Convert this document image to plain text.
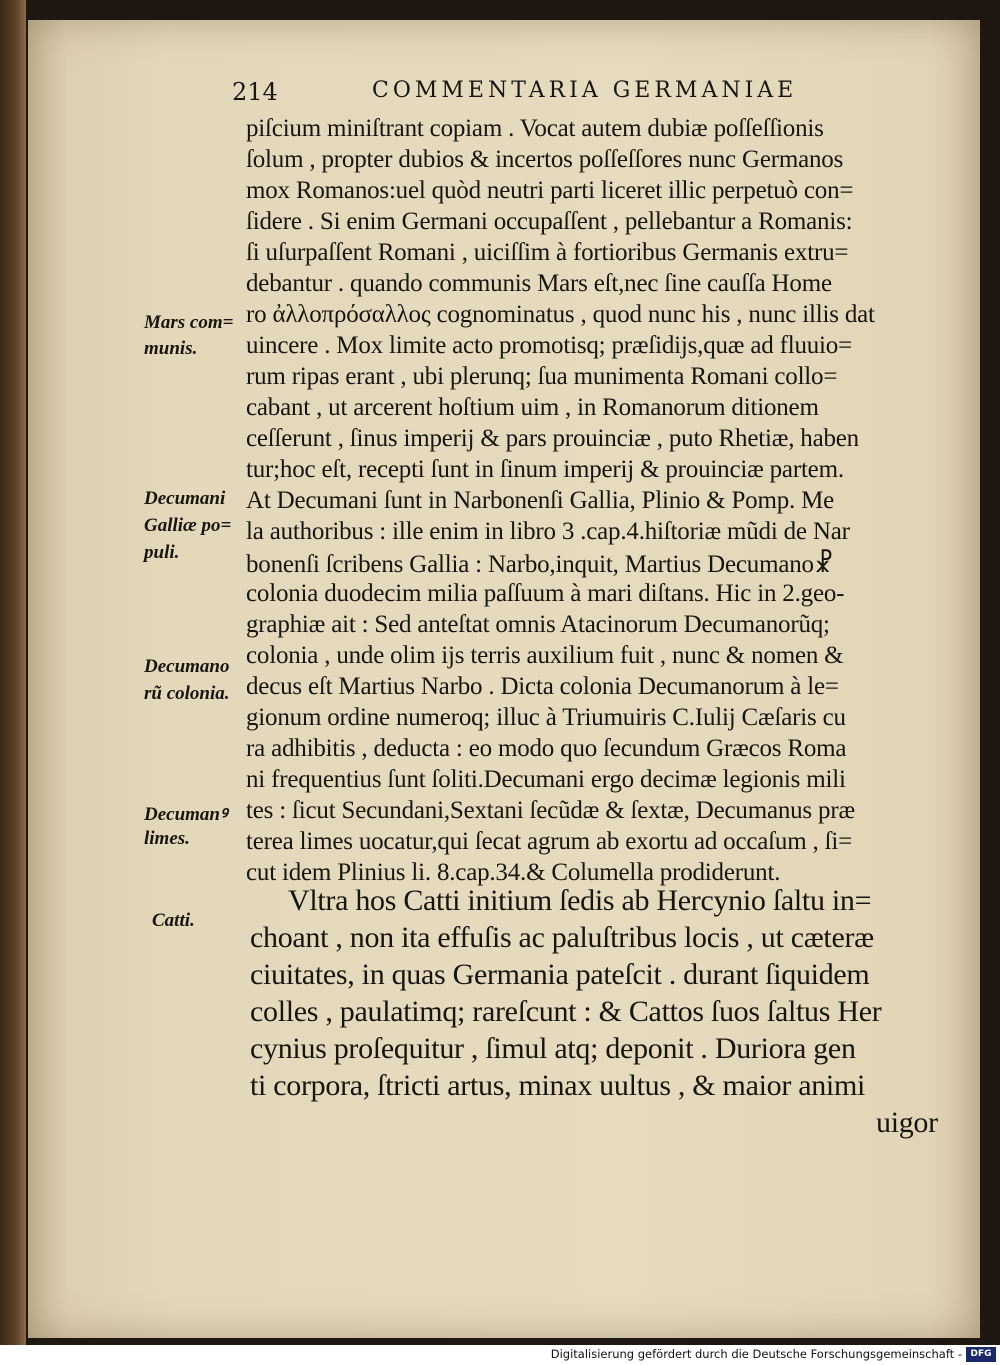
214	COMMENTARIA GERMANIAE
piſcium miniſtrant copiam . Vocat autem dubiæ poſſeſſionis
ſolum , propter dubios & incertos poſſeſſores nunc Germanos
mox Romanos:uel quòd neutri parti liceret illic perpetuò con=
ſidere . Si enim Germani occupaſſent , pellebantur a Romanis:
ſi uſurpaſſent Romani , uiciſſim à fortioribus Germanis extru=
debantur . quando communis Mars eſt,nec ſine cauſſa Home
ro ἀλλοπρόσαλλος cognominatus , quod nunc his , nunc illis dat
uincere . Mox limite acto promotisq; præſidijs,quæ ad fluuio=
rum ripas erant , ubi plerunq; ſua munimenta Romani collo=
cabant , ut arcerent hoſtium uim , in Romanorum ditionem
ceſſerunt , ſinus imperij & pars prouinciæ , puto Rhetiæ, haben
tur;hoc eſt, recepti ſunt in ſinum imperij & prouinciæ partem.
At Decumani ſunt in Narbonenſi Gallia, Plinio & Pomp. Me
la authoribus : ille enim in libro 3 .cap.4.hiſtoriæ mũdi de Nar
bonenſi ſcribens Gallia : Narbo,inquit, Martius Decumano☧
colonia duodecim milia paſſuum à mari diſtans. Hic in 2.geo-
graphiæ ait : Sed anteſtat omnis Atacinorum Decumanorũq;
colonia , unde olim ijs terris auxilium fuit , nunc & nomen &
decus eſt Martius Narbo . Dicta colonia Decumanorum à le=
gionum ordine numeroq; illuc à Triumuiris C.Iulij Cæſaris cu
ra adhibitis , deducta : eo modo quo ſecundum Græcos Roma
ni frequentius ſunt ſoliti.Decumani ergo decimæ legionis mili
tes : ſicut Secundani,Sextani ſecũdæ & ſextæ, Decumanus præ
terea limes uocatur,qui ſecat agrum ab exortu ad occaſum , ſi=
cut idem Plinius li. 8.cap.34.& Columella prodiderunt.
Vltra hos Catti initium ſedis ab Hercynio ſaltu in=
choant , non ita effuſis ac paluſtribus locis , ut cæteræ
ciuitates, in quas Germania pateſcit . durant ſiquidem
colles , paulatimq; rareſcunt : & Cattos ſuos ſaltus Her
cynius proſequitur , ſimul atq; deponit . Duriora gen
ti corpora, ſtricti artus, minax uultus , & maior animi
uigor
Mars com=
munis.
Decumani
Galliæ po=
puli.
Decumano
rũ colonia.
Decumanꝰ
limes.
Catti.
Digitalisierung gefördert durch die Deutsche Forschungsgemeinschaft - DFG
